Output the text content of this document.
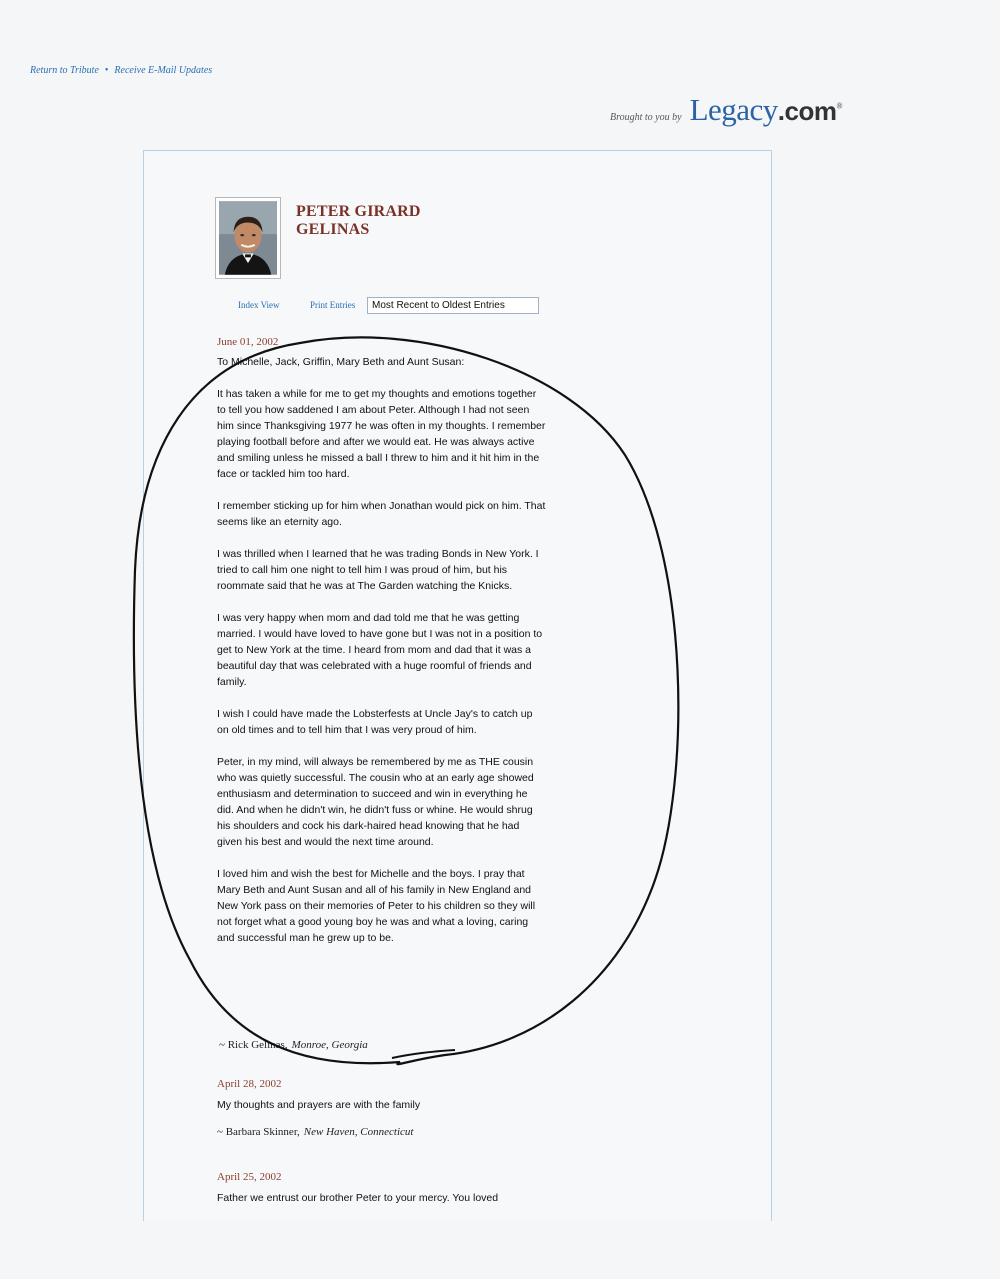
Return to Tribute • Receive E-Mail Updates
Brought to you by Legacy.com®
PETER GIRARD
GELINAS
Index View	Print Entries	Most Recent to Oldest Entries
June 01, 2002

To Michelle, Jack, Griffin, Mary Beth and Aunt Susan:

It has taken a while for me to get my thoughts and emotions together to tell you how saddened I am about Peter. Although I had not seen him since Thanksgiving 1977 he was often in my thoughts. I remember playing football before and after we would eat. He was always active and smiling unless he missed a ball I threw to him and it hit him in the face or tackled him too hard.

I remember sticking up for him when Jonathan would pick on him. That seems like an eternity ago.

I was thrilled when I learned that he was trading Bonds in New York. I tried to call him one night to tell him I was proud of him, but his roommate said that he was at The Garden watching the Knicks.

I was very happy when mom and dad told me that he was getting married. I would have loved to have gone but I was not in a position to get to New York at the time. I heard from mom and dad that it was a beautiful day that was celebrated with a huge roomful of friends and family.

I wish I could have made the Lobsterfests at Uncle Jay's to catch up on old times and to tell him that I was very proud of him.

Peter, in my mind, will always be remembered by me as THE cousin who was quietly successful. The cousin who at an early age showed enthusiasm and determination to succeed and win in everything he did. And when he didn't win, he didn't fuss or whine. He would shrug his shoulders and cock his dark-haired head knowing that he had given his best and would the next time around.

I loved him and wish the best for Michelle and the boys. I pray that Mary Beth and Aunt Susan and all of his family in New England and New York pass on their memories of Peter to his children so they will not forget what a good young boy he was and what a loving, caring and successful man he grew up to be.

~ Rick Gelinas, Monroe, Georgia
April 28, 2002

My thoughts and prayers are with the family

~ Barbara Skinner, New Haven, Connecticut
April 25, 2002

Father we entrust our brother Peter to your mercy. You loved
